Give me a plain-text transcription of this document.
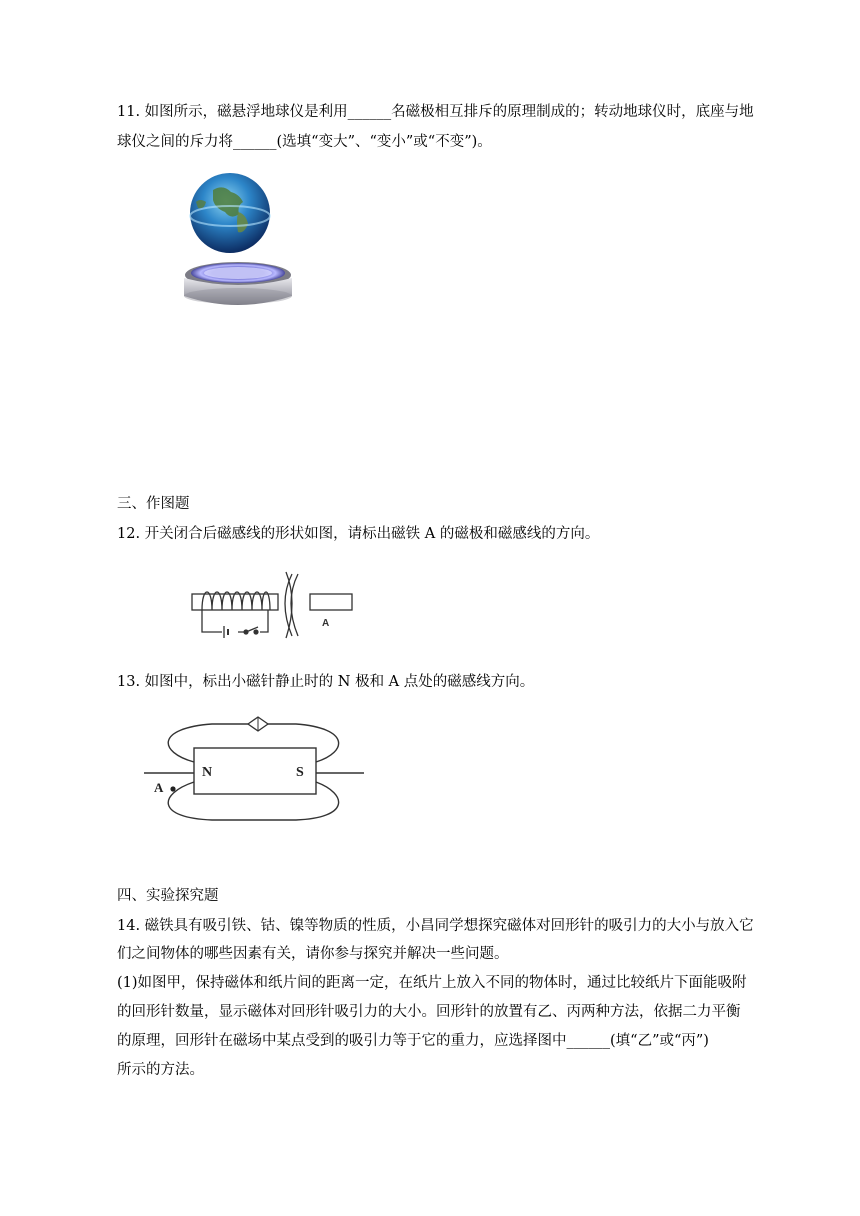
11. 如图所示，磁悬浮地球仪是利用______名磁极相互排斥的原理制成的；转动地球仪时，底座与地
球仪之间的斥力将______(选填“变大”、“变小”或“不变”)。
三、作图题
12. 开关闭合后磁感线的形状如图，请标出磁铁 A 的磁极和磁感线的方向。
A
13. 如图中，标出小磁针静止时的 N 极和 A 点处的磁感线方向。
A
N	S
四、实验探究题
14. 磁铁具有吸引铁、钴、镍等物质的性质，小昌同学想探究磁体对回形针的吸引力的大小与放入它
们之间物体的哪些因素有关，请你参与探究并解决一些问题。
(1)如图甲，保持磁体和纸片间的距离一定，在纸片上放入不同的物体时，通过比较纸片下面能吸附
的回形针数量，显示磁体对回形针吸引力的大小。回形针的放置有乙、丙两种方法，依据二力平衡
的原理，回形针在磁场中某点受到的吸引力等于它的重力，应选择图中______(填“乙”或“丙”)
所示的方法。
